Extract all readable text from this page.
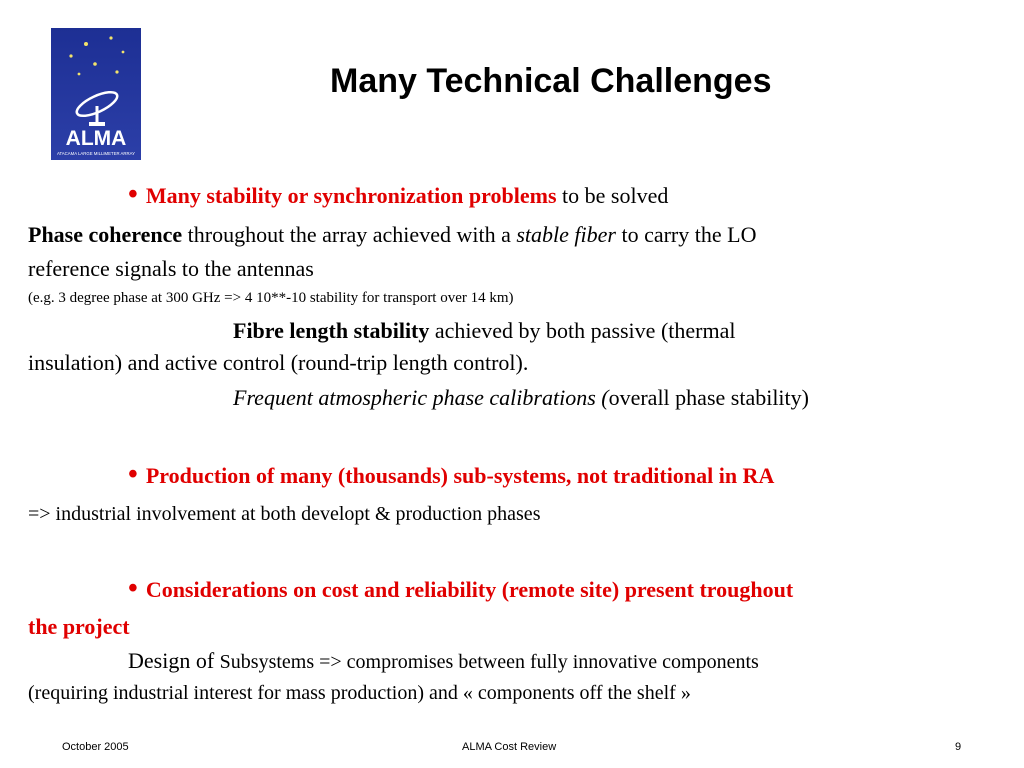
ALMA
ATACAMA LARGE MILLIMETER ARRAY
Many Technical Challenges
• Many stability or synchronization problems to be solved
Phase coherence throughout the array achieved with a stable fiber to carry the LO
reference signals to the antennas
(e.g. 3 degree phase at 300 GHz => 4 10**-10 stability for transport over 14 km)
Fibre length stability achieved by both passive (thermal
insulation) and active control (round-trip length control).
Frequent atmospheric phase calibrations (overall phase stability)
• Production of many (thousands) sub-systems, not traditional in RA
=> industrial involvement at both developt & production phases
• Considerations on cost and reliability (remote site) present troughout
the project
Design of Subsystems => compromises between fully innovative components
(requiring industrial interest for mass production) and « components off the shelf »
October 2005	ALMA Cost Review	9
